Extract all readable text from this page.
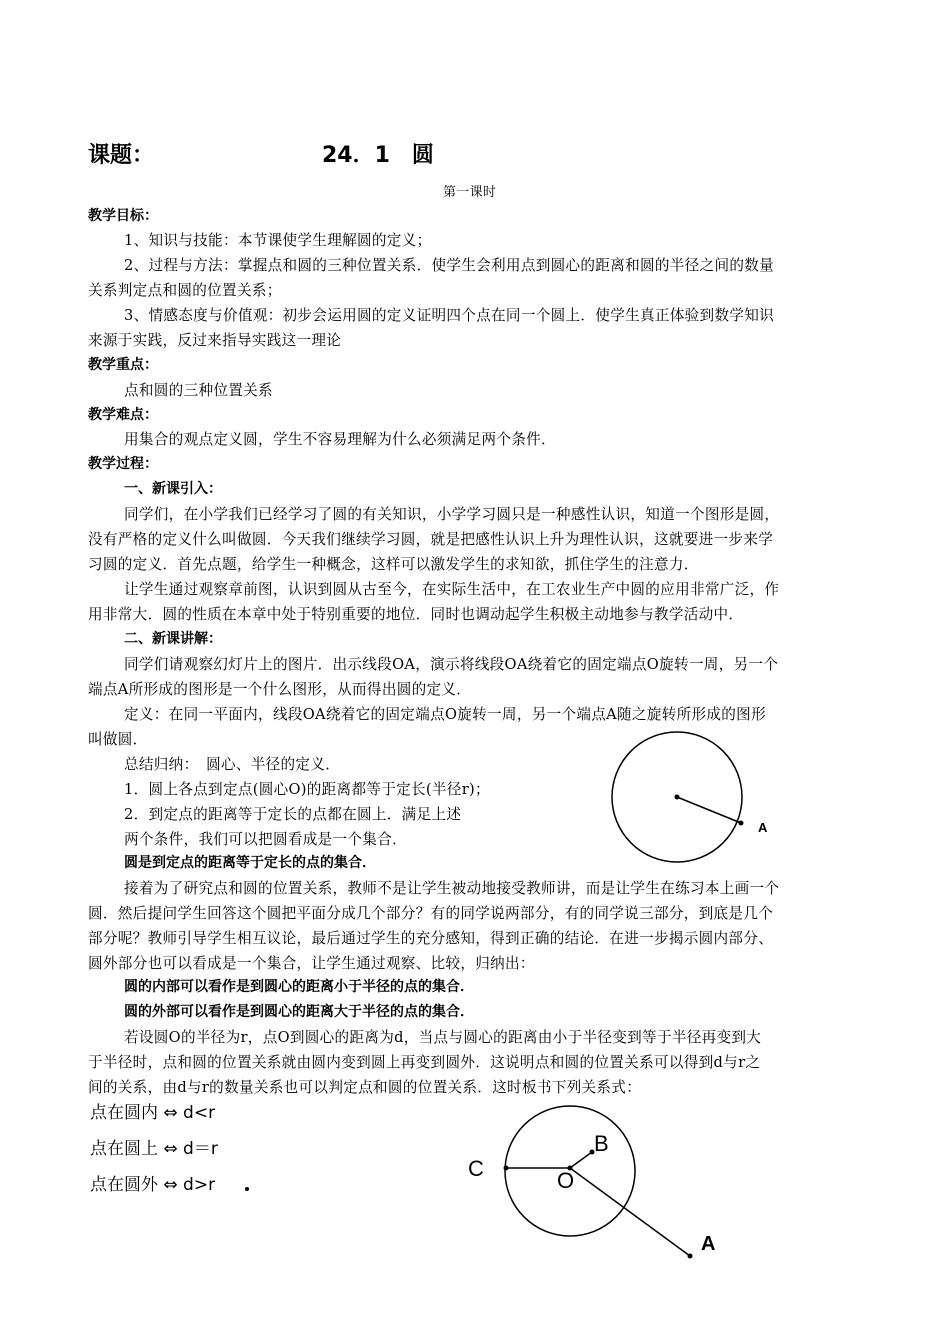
课题：	24．1　圆
第一课时
教学目标：
1、知识与技能：本节课使学生理解圆的定义；
2、过程与方法：掌握点和圆的三种位置关系．使学生会利用点到圆心的距离和圆的半径之间的数量
关系判定点和圆的位置关系；
3、情感态度与价值观：初步会运用圆的定义证明四个点在同一个圆上．使学生真正体验到数学知识
来源于实践，反过来指导实践这一理论
教学重点：
点和圆的三种位置关系
教学难点：
用集合的观点定义圆，学生不容易理解为什么必须满足两个条件．
教学过程：
一、新课引入：
同学们，在小学我们已经学习了圆的有关知识，小学学习圆只是一种感性认识，知道一个图形是圆，
没有严格的定义什么叫做圆．今天我们继续学习圆，就是把感性认识上升为理性认识，这就要进一步来学
习圆的定义．首先点题，给学生一种概念，这样可以激发学生的求知欲，抓住学生的注意力．
让学生通过观察章前图，认识到圆从古至今，在实际生活中，在工农业生产中圆的应用非常广泛，作
用非常大．圆的性质在本章中处于特别重要的地位．同时也调动起学生积极主动地参与教学活动中．
二、新课讲解：
同学们请观察幻灯片上的图片．出示线段OA，演示将线段OA绕着它的固定端点O旋转一周，另一个
端点A所形成的图形是一个什么图形，从而得出圆的定义．
定义：在同一平面内，线段OA绕着它的固定端点O旋转一周，另一个端点A随之旋转所形成的图形
叫做圆．
总结归纳：　圆心、半径的定义．
1．圆上各点到定点(圆心O)的距离都等于定长(半径r)；
2．到定点的距离等于定长的点都在圆上．满足上述
两个条件，我们可以把圆看成是一个集合．
圆是到定点的距离等于定长的点的集合．
A
接着为了研究点和圆的位置关系，教师不是让学生被动地接受教师讲，而是让学生在练习本上画一个
圆．然后提问学生回答这个圆把平面分成几个部分？有的同学说两部分，有的同学说三部分，到底是几个
部分呢？教师引导学生相互议论，最后通过学生的充分感知，得到正确的结论．在进一步揭示圆内部分、
圆外部分也可以看成是一个集合，让学生通过观察、比较，归纳出：
圆的内部可以看作是到圆心的距离小于半径的点的集合．
圆的外部可以看作是到圆心的距离大于半径的点的集合．
若设圆O的半径为r，点O到圆心的距离为d，当点与圆心的距离由小于半径变到等于半径再变到大
于半径时，点和圆的位置关系就由圆内变到圆上再变到圆外．这说明点和圆的位置关系可以得到d与r之
间的关系，由d与r的数量关系也可以判定点和圆的位置关系．这时板书下列关系式：
点在圆内 ⇔ d<r
点在圆上 ⇔ d＝r
点在圆外 ⇔ d>r
C	O
B
A
